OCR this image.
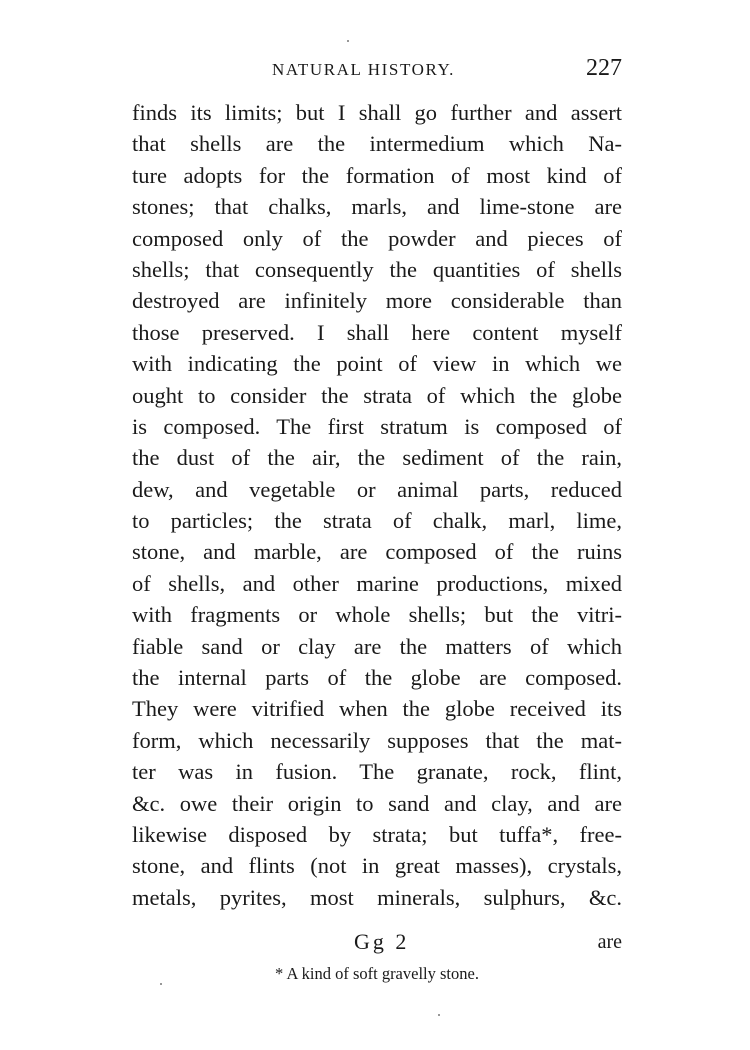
NATURAL HISTORY.	227
finds its limits; but I shall go further and assert
that shells are the intermedium which Na-
ture adopts for the formation of most kind of
stones; that chalks, marls, and lime-stone are
composed only of the powder and pieces of
shells; that consequently the quantities of shells
destroyed are infinitely more considerable than
those preserved. I shall here content myself
with indicating the point of view in which we
ought to consider the strata of which the globe
is composed. The first stratum is composed of
the dust of the air, the sediment of the rain,
dew, and vegetable or animal parts, reduced
to particles; the strata of chalk, marl, lime,
stone, and marble, are composed of the ruins
of shells, and other marine productions, mixed
with fragments or whole shells; but the vitri-
fiable sand or clay are the matters of which
the internal parts of the globe are composed.
They were vitrified when the globe received its
form, which necessarily supposes that the mat-
ter was in fusion. The granate, rock, flint,
&c. owe their origin to sand and clay, and are
likewise disposed by strata; but tuffa*, free-
stone, and flints (not in great masses), crystals,
metals, pyrites, most minerals, sulphurs, &c.
Gg 2	are
* A kind of soft gravelly stone.
